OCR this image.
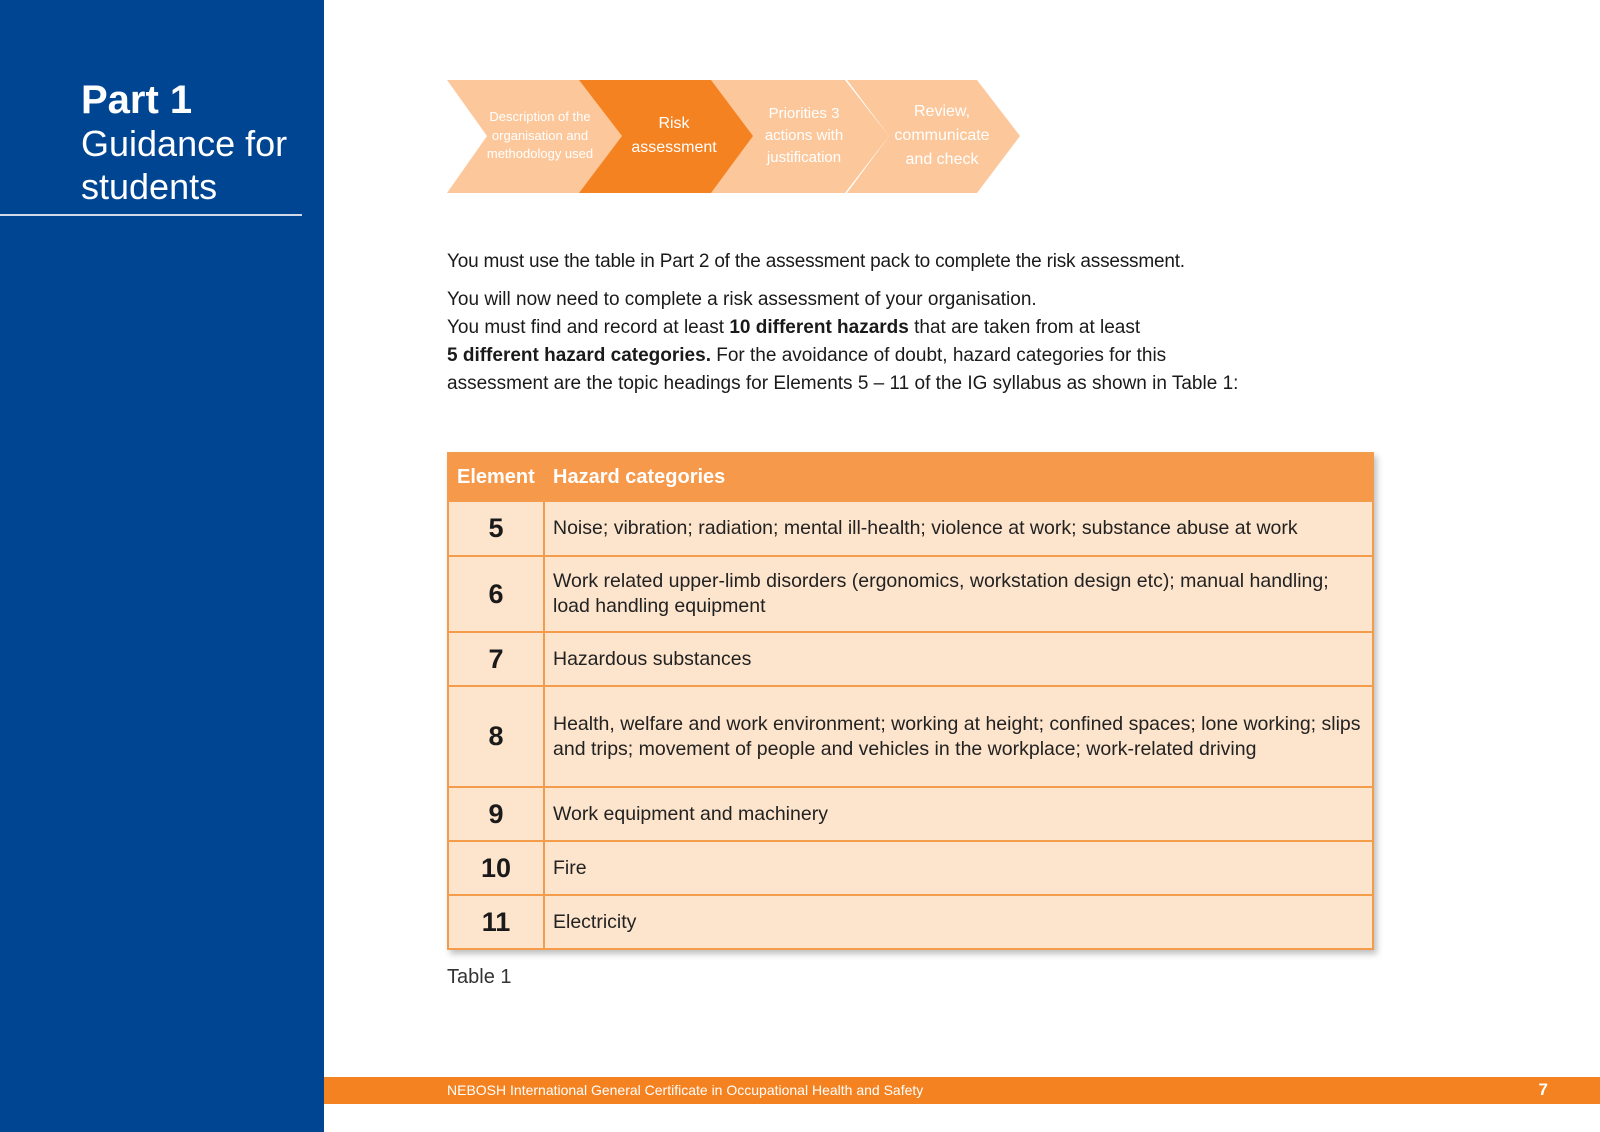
Part 1
Guidance for students
Description of the organisation and methodology used
Risk assessment
Priorities 3 actions with justification
Review, communicate and check

You must use the table in Part 2 of the assessment pack to complete the risk assessment.

You will now need to complete a risk assessment of your organisation.

You must find and record at least 10 different hazards that are taken from at least

5 different hazard categories. For the avoidance of doubt, hazard categories for this

assessment are the topic headings for Elements 5 – 11 of the IG syllabus as shown in Table 1:

Element	Hazard categories
5	Noise; vibration; radiation; mental ill-health; violence at work; substance abuse at work
6	Work related upper-limb disorders (ergonomics, workstation design etc); manual handling; load handling equipment
7	Hazardous substances
8	Health, welfare and work environment; working at height; confined spaces; lone working; slips and trips; movement of people and vehicles in the workplace; work-related driving
9	Work equipment and machinery
10	Fire
11	Electricity
Table 1
NEBOSH International General Certificate in Occupational Health and Safety	7
